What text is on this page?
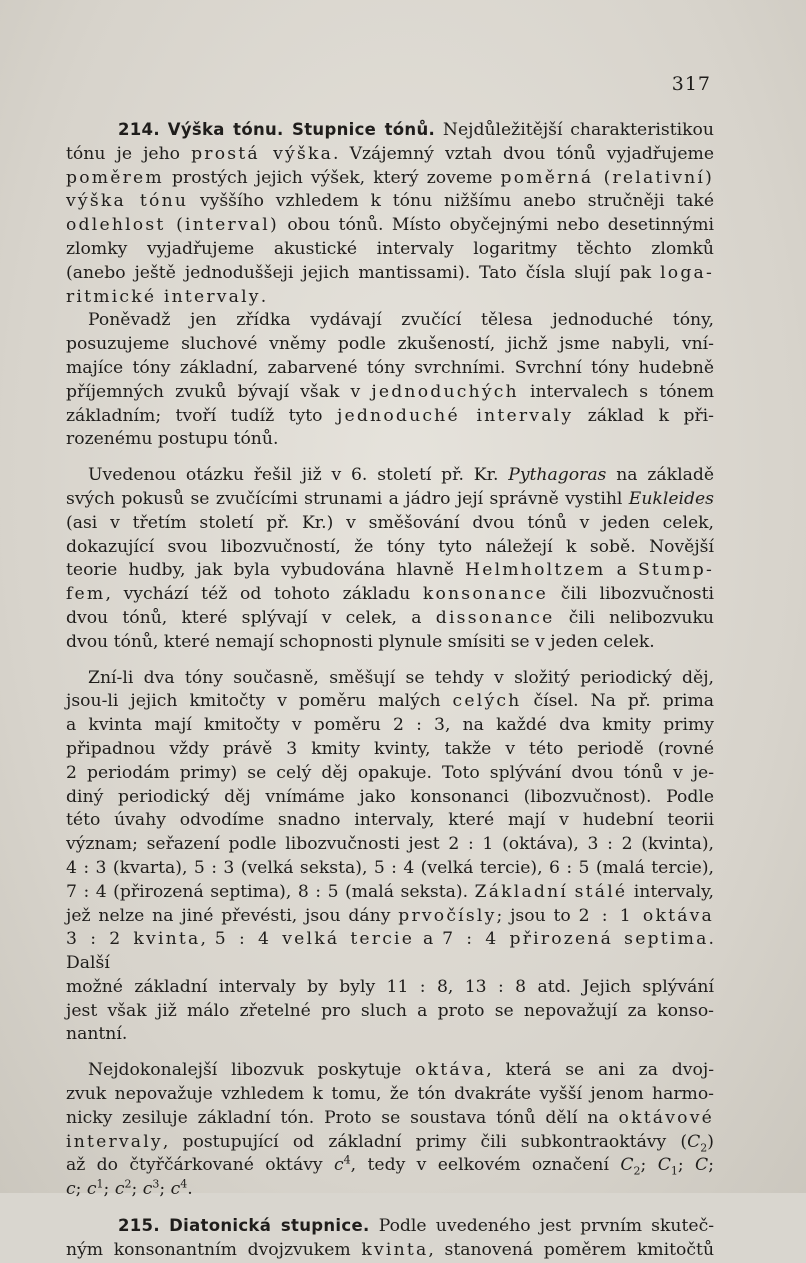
317

214. Výška tónu. Stupnice tónů. Nejdůležitější charakteristikou

tónu je jeho prostá výška. Vzájemný vztah dvou tónů vyjadřujeme

poměrem prostých jejich výšek, který zoveme poměrná (relativní)

výška tónu vyššího vzhledem k tónu nižšímu anebo stručněji také

odlehlost (interval) obou tónů. Místo obyčejnými nebo desetinnými

zlomky vyjadřujeme akustické intervaly logaritmy těchto zlomků

(anebo ještě jednoduššeji jejich mantissami). Tato čísla slují pak loga-

ritmické intervaly.

Poněvadž jen zřídka vydávají zvučící tělesa jednoduché tóny,

posuzujeme sluchové vněmy podle zkušeností, jichž jsme nabyli, vní-

majíce tóny základní, zabarvené tóny svrchními. Svrchní tóny hudebně

příjemných zvuků bývají však v jednoduchých intervalech s tónem

základním; tvoří tudíž tyto jednoduché intervaly základ k při-

rozenému postupu tónů.

Uvedenou otázku řešil již v 6. století př. Kr. Pythagoras na základě

svých pokusů se zvučícími strunami a jádro její správně vystihl Eukleides

(asi v třetím století př. Kr.) v směšování dvou tónů v jeden celek,

dokazující svou libozvučností, že tóny tyto náležejí k sobě. Novější

teorie hudby, jak byla vybudována hlavně Helmholtzem a Stump-

fem, vychází též od tohoto základu konsonance čili libozvučnosti

dvou tónů, které splývají v celek, a dissonance čili nelibozvuku

dvou tónů, které nemají schopnosti plynule smísiti se v jeden celek.

Zní-li dva tóny současně, směšují se tehdy v složitý periodický děj,

jsou-li jejich kmitočty v poměru malých celých čísel. Na př. prima

a kvinta mají kmitočty v poměru 2 : 3, na každé dva kmity primy

připadnou vždy právě 3 kmity kvinty, takže v této periodě (rovné

2 periodám primy) se celý děj opakuje. Toto splývání dvou tónů v je-

diný periodický děj vnímáme jako konsonanci (libozvučnost). Podle

této úvahy odvodíme snadno intervaly, které mají v hudební teorii

význam; seřazení podle libozvučnosti jest 2 : 1 (oktáva), 3 : 2 (kvinta),

4 : 3 (kvarta), 5 : 3 (velká seksta), 5 : 4 (velká tercie), 6 : 5 (malá tercie),

7 : 4 (přirozená septima), 8 : 5 (malá seksta). Základní stálé intervaly,

jež nelze na jiné převésti, jsou dány prvočísly; jsou to 2 : 1 oktáva

3 : 2 kvinta, 5 : 4 velká tercie a 7 : 4 přirozená septima. Další

možné základní intervaly by byly 11 : 8, 13 : 8 atd. Jejich splývání

jest však již málo zřetelné pro sluch a proto se nepovažují za konso-

nantní.

Nejdokonalejší libozvuk poskytuje oktáva, která se ani za dvoj-

zvuk nepovažuje vzhledem k tomu, že tón dvakráte vyšší jenom harmo-

nicky zesiluje základní tón. Proto se soustava tónů dělí na oktávové

intervaly, postupující od základní primy čili subkontraoktávy $(C_2)$

až do čtyřčárkované oktávy $c^4$, tedy v eelkovém označení $C_2$; $C_1$; C;

c; $c^1$; $c^2$; $c^3$; $c^4$.

215. Diatonická stupnice. Podle uvedeného jest prvním skuteč-

ným konsonantním dvojzvukem kvinta, stanovená poměrem kmitočtů
